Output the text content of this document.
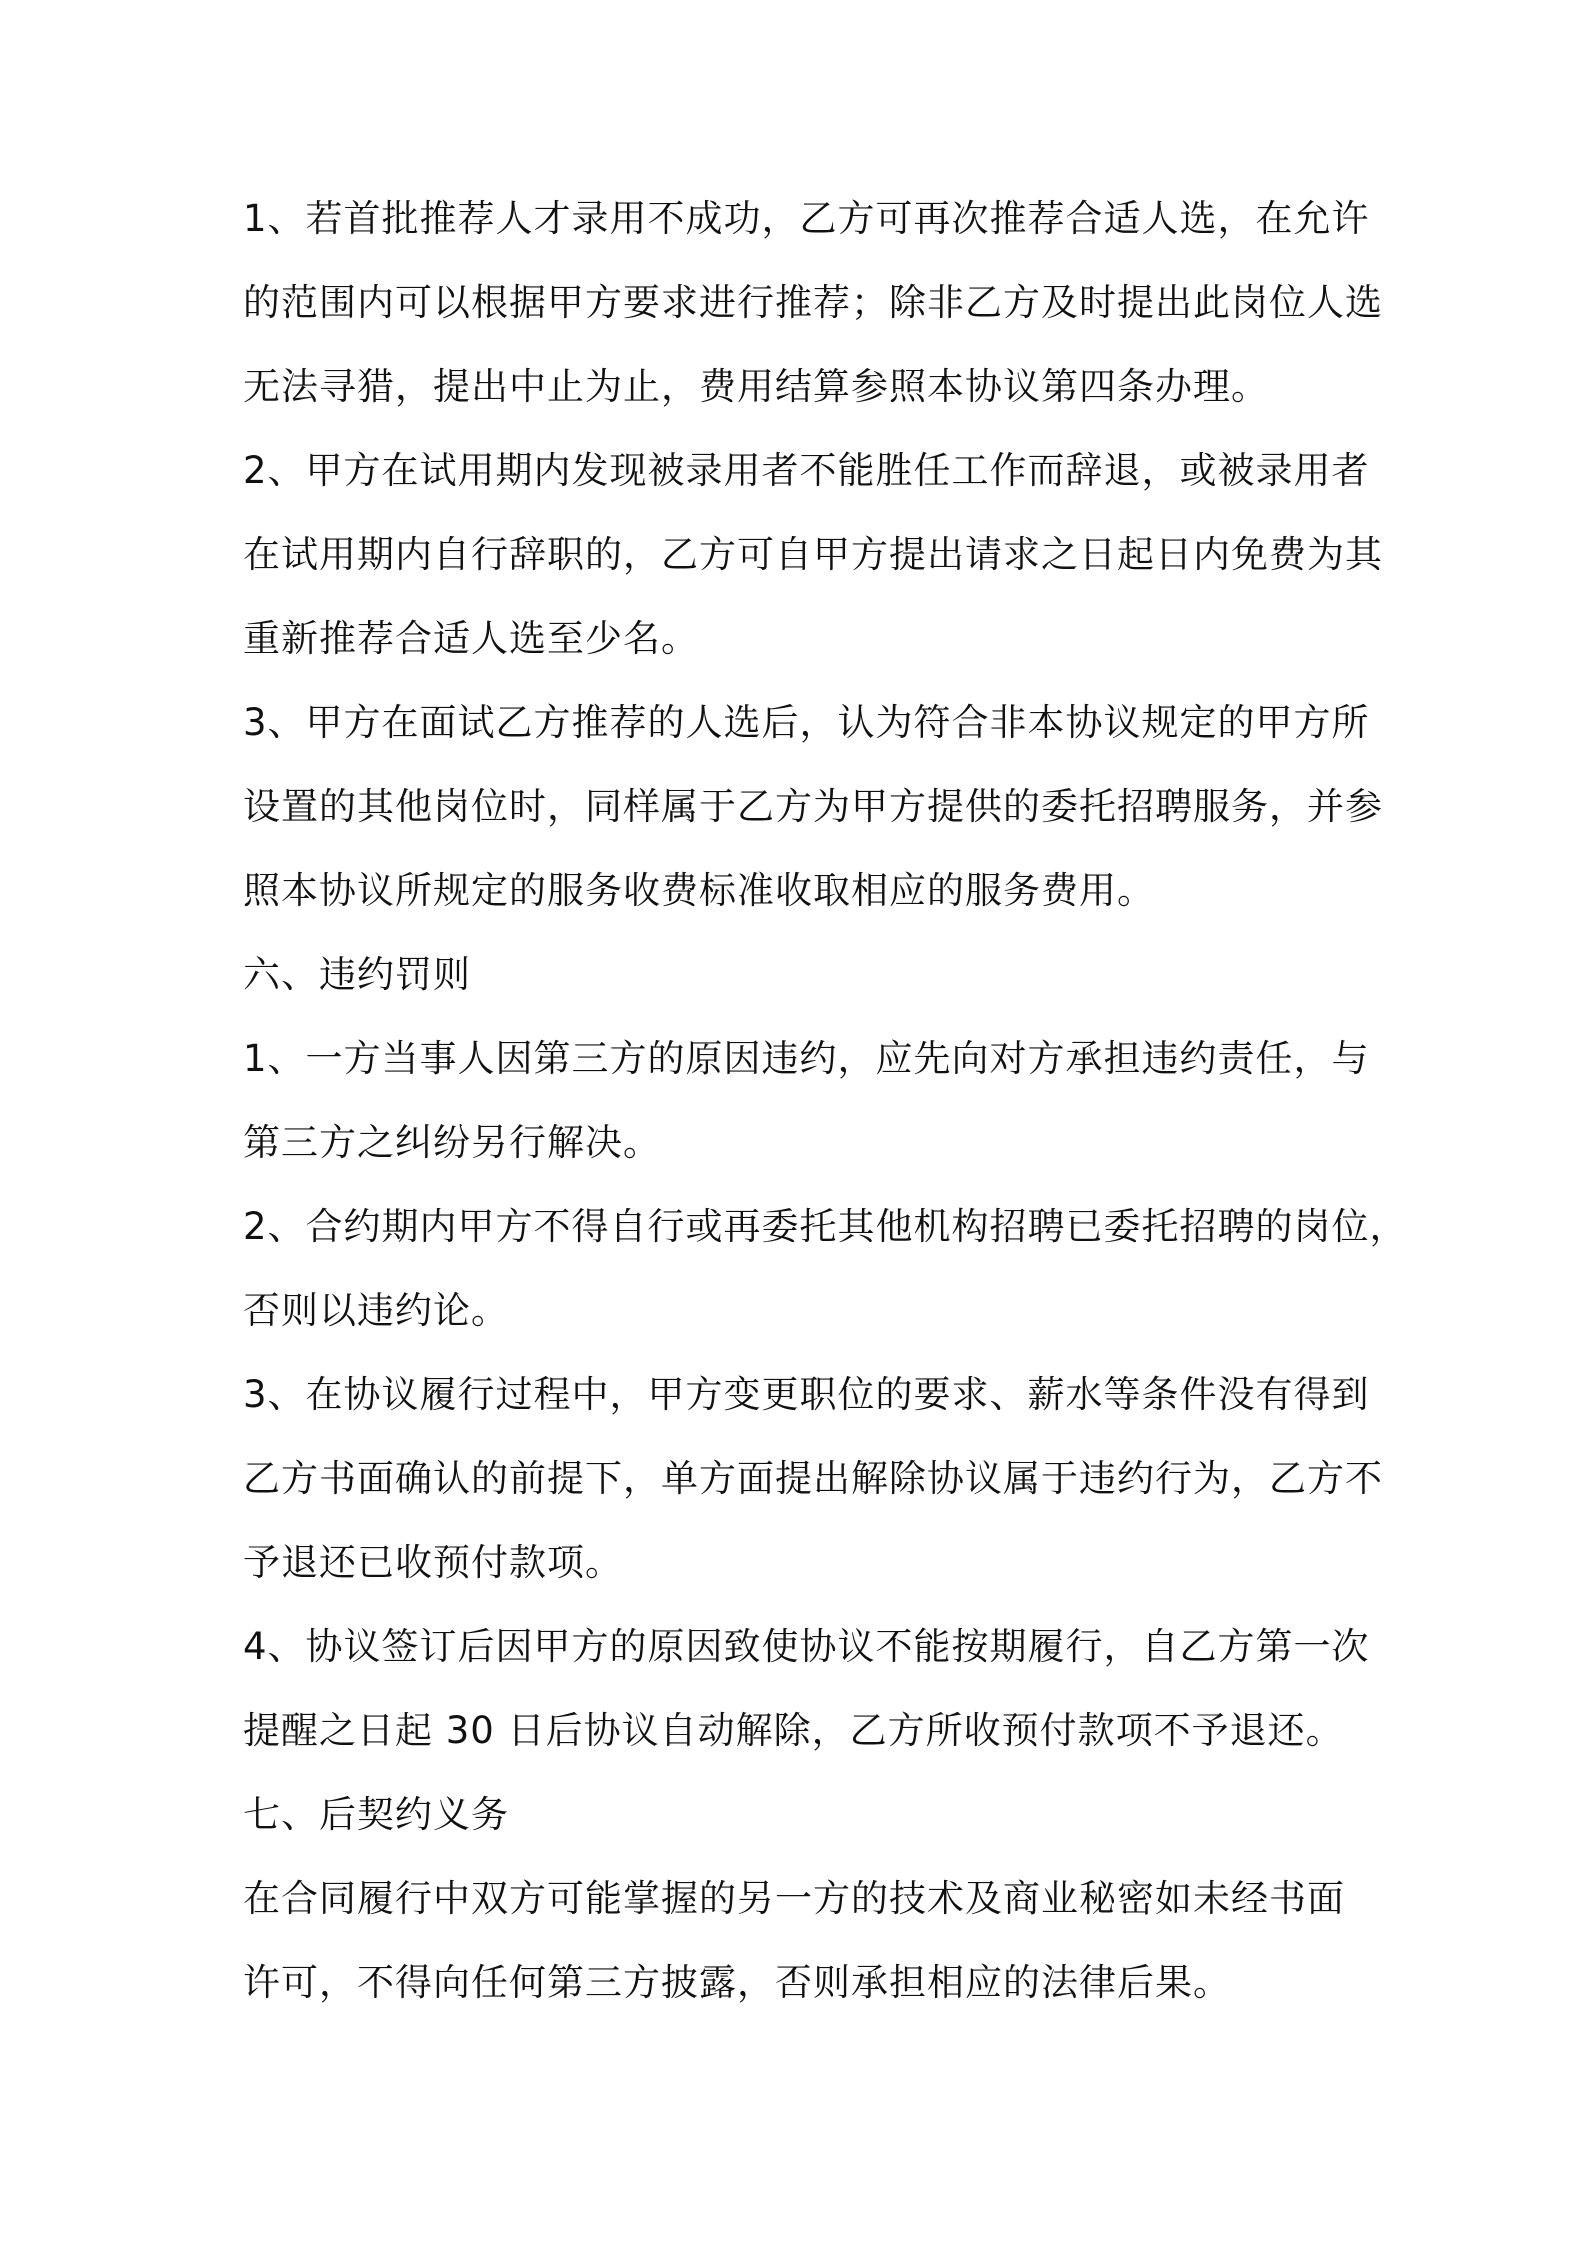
1、若首批推荐人才录用不成功，乙方可再次推荐合适人选，在允许
的范围内可以根据甲方要求进行推荐；除非乙方及时提出此岗位人选
无法寻猎，提出中止为止，费用结算参照本协议第四条办理。
2、甲方在试用期内发现被录用者不能胜任工作而辞退，或被录用者
在试用期内自行辞职的，乙方可自甲方提出请求之日起日内免费为其
重新推荐合适人选至少名。
3、甲方在面试乙方推荐的人选后，认为符合非本协议规定的甲方所
设置的其他岗位时，同样属于乙方为甲方提供的委托招聘服务，并参
照本协议所规定的服务收费标准收取相应的服务费用。
六、违约罚则
1、一方当事人因第三方的原因违约，应先向对方承担违约责任，与
第三方之纠纷另行解决。
2、合约期内甲方不得自行或再委托其他机构招聘已委托招聘的岗位，
否则以违约论。
3、在协议履行过程中，甲方变更职位的要求、薪水等条件没有得到
乙方书面确认的前提下，单方面提出解除协议属于违约行为，乙方不
予退还已收预付款项。
4、协议签订后因甲方的原因致使协议不能按期履行，自乙方第一次
提醒之日起 30 日后协议自动解除，乙方所收预付款项不予退还。
七、后契约义务
在合同履行中双方可能掌握的另一方的技术及商业秘密如未经书面
许可，不得向任何第三方披露，否则承担相应的法律后果。
